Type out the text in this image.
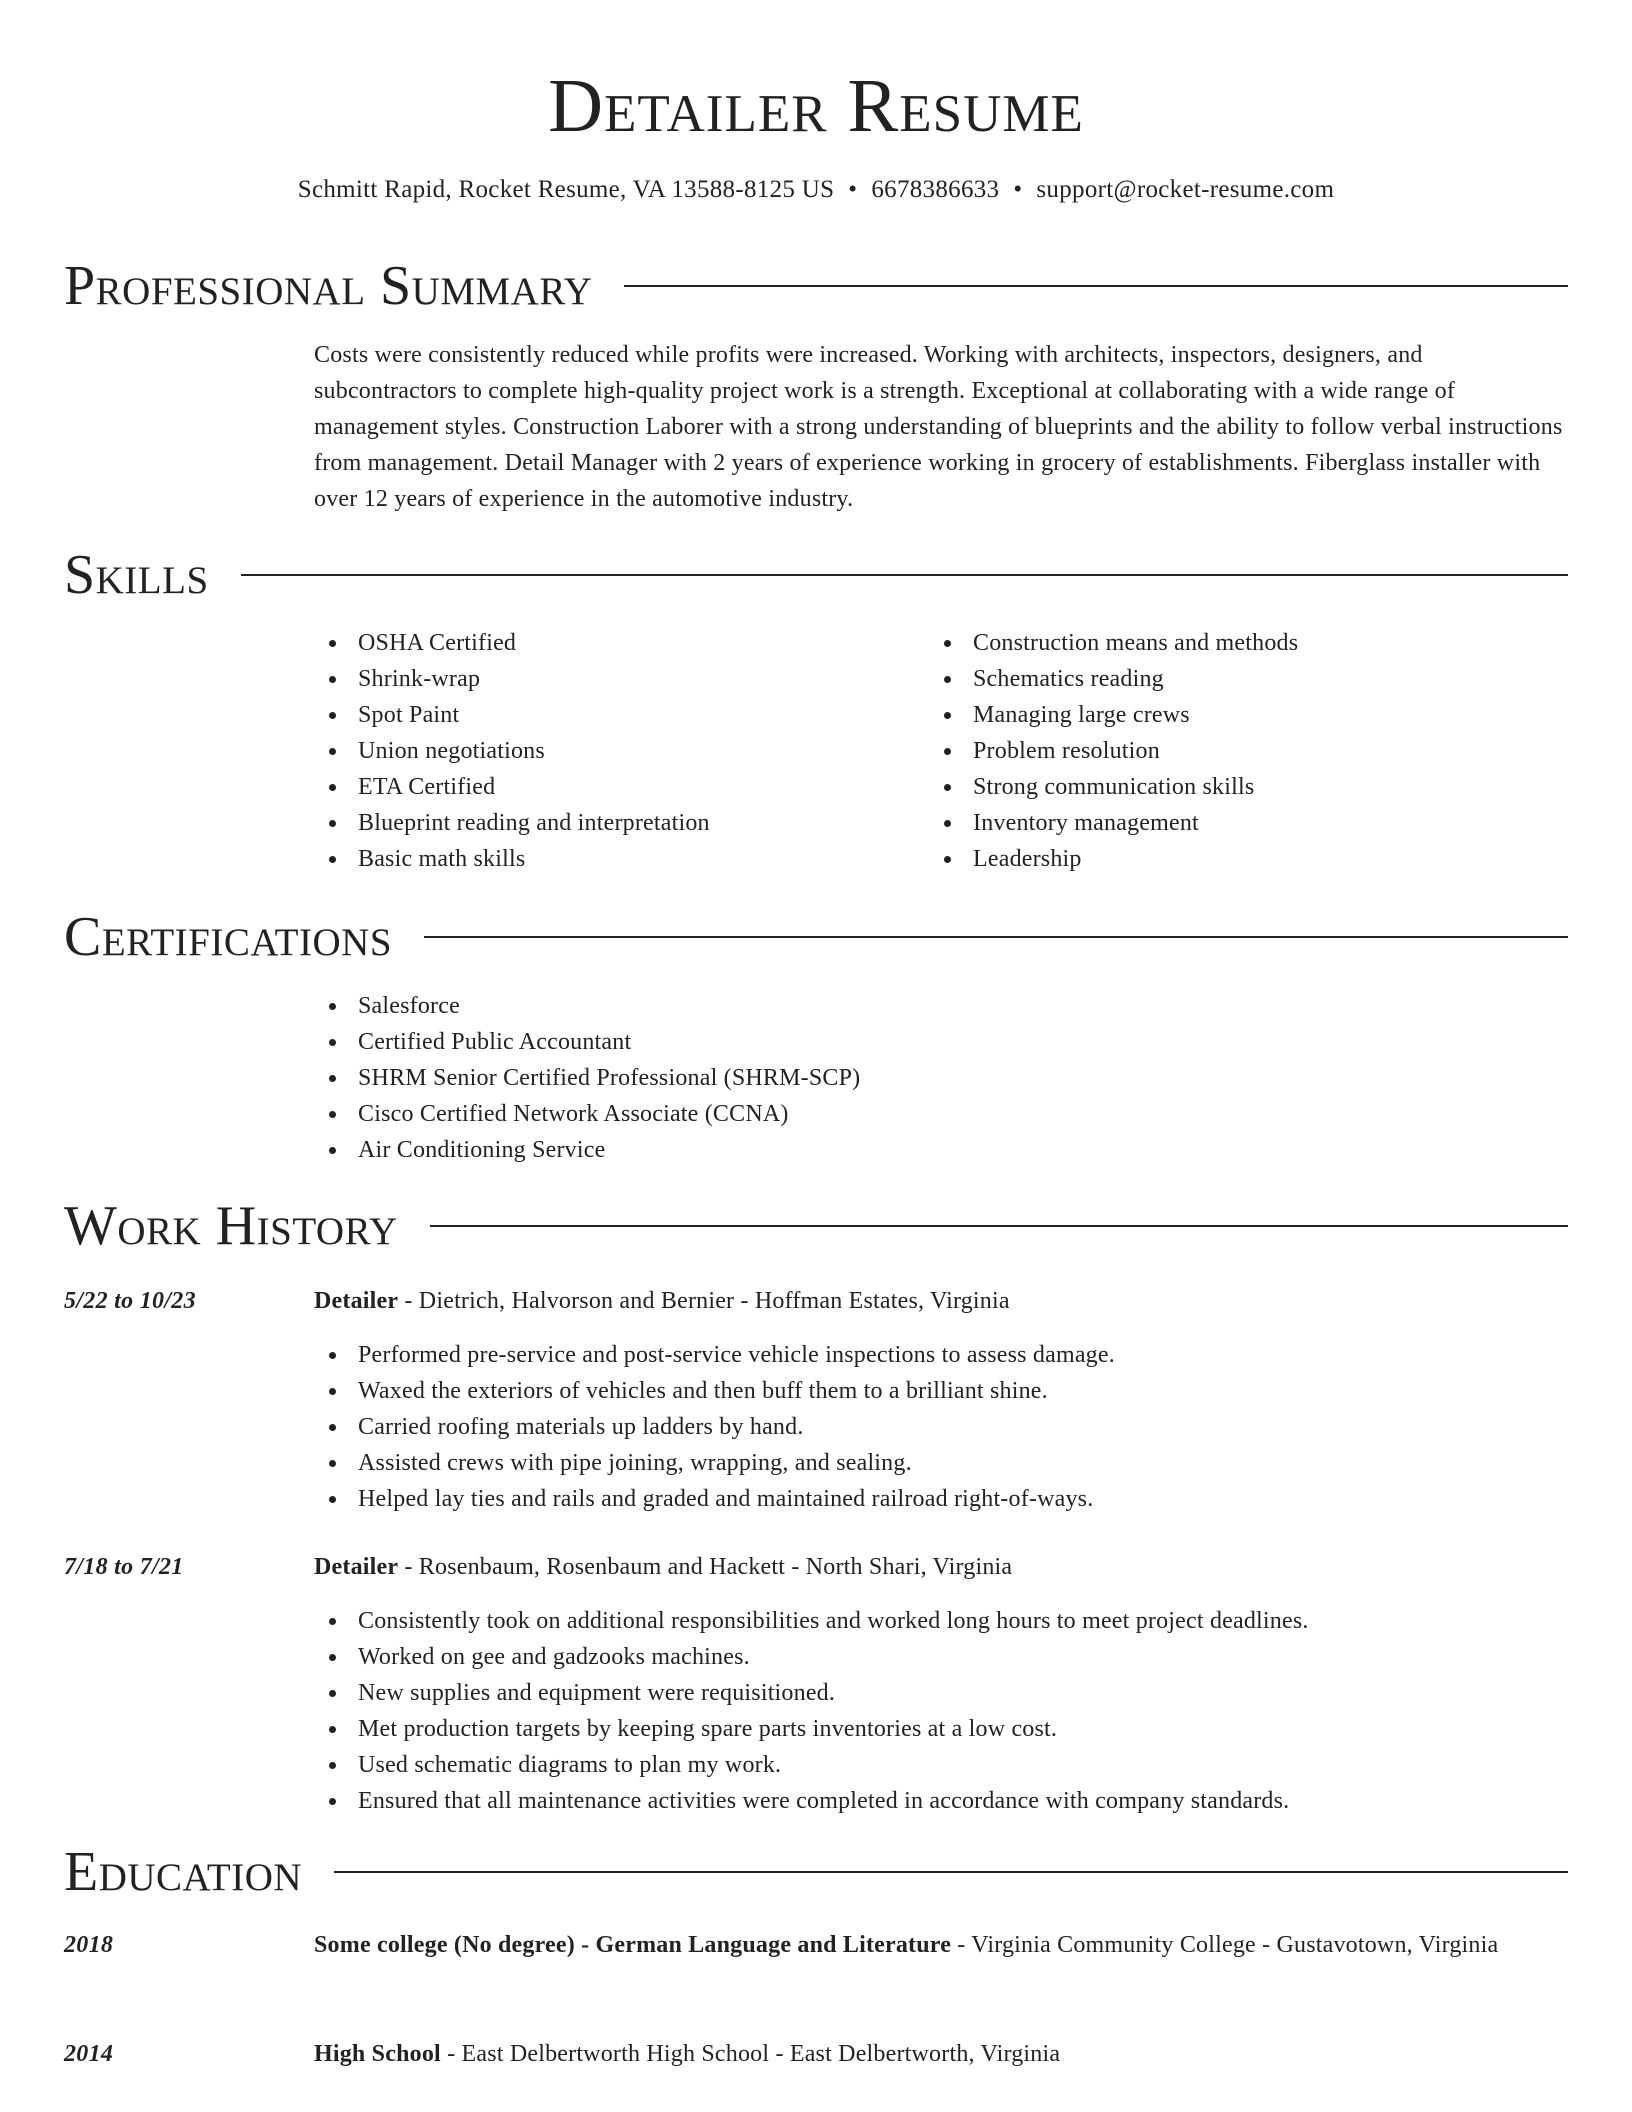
Detailer Resume
Schmitt Rapid, Rocket Resume, VA 13588-8125 US • 6678386633 • support@rocket-resume.com
Professional Summary
Costs were consistently reduced while profits were increased. Working with architects, inspectors, designers, and subcontractors to complete high-quality project work is a strength. Exceptional at collaborating with a wide range of management styles. Construction Laborer with a strong understanding of blueprints and the ability to follow verbal instructions from management. Detail Manager with 2 years of experience working in grocery of establishments. Fiberglass installer with over 12 years of experience in the automotive industry.
Skills
OSHA Certified
Shrink-wrap
Spot Paint
Union negotiations
ETA Certified
Blueprint reading and interpretation
Basic math skills
Construction means and methods
Schematics reading
Managing large crews
Problem resolution
Strong communication skills
Inventory management
Leadership
Certifications
Salesforce
Certified Public Accountant
SHRM Senior Certified Professional (SHRM-SCP)
Cisco Certified Network Associate (CCNA)
Air Conditioning Service
Work History
5/22 to 10/23	Detailer - Dietrich, Halvorson and Bernier - Hoffman Estates, Virginia
Performed pre-service and post-service vehicle inspections to assess damage.
Waxed the exteriors of vehicles and then buff them to a brilliant shine.
Carried roofing materials up ladders by hand.
Assisted crews with pipe joining, wrapping, and sealing.
Helped lay ties and rails and graded and maintained railroad right-of-ways.
7/18 to 7/21	Detailer - Rosenbaum, Rosenbaum and Hackett - North Shari, Virginia
Consistently took on additional responsibilities and worked long hours to meet project deadlines.
Worked on gee and gadzooks machines.
New supplies and equipment were requisitioned.
Met production targets by keeping spare parts inventories at a low cost.
Used schematic diagrams to plan my work.
Ensured that all maintenance activities were completed in accordance with company standards.
Education
2018	Some college (No degree) - German Language and Literature - Virginia Community College - Gustavotown, Virginia
2014	High School - East Delbertworth High School - East Delbertworth, Virginia
